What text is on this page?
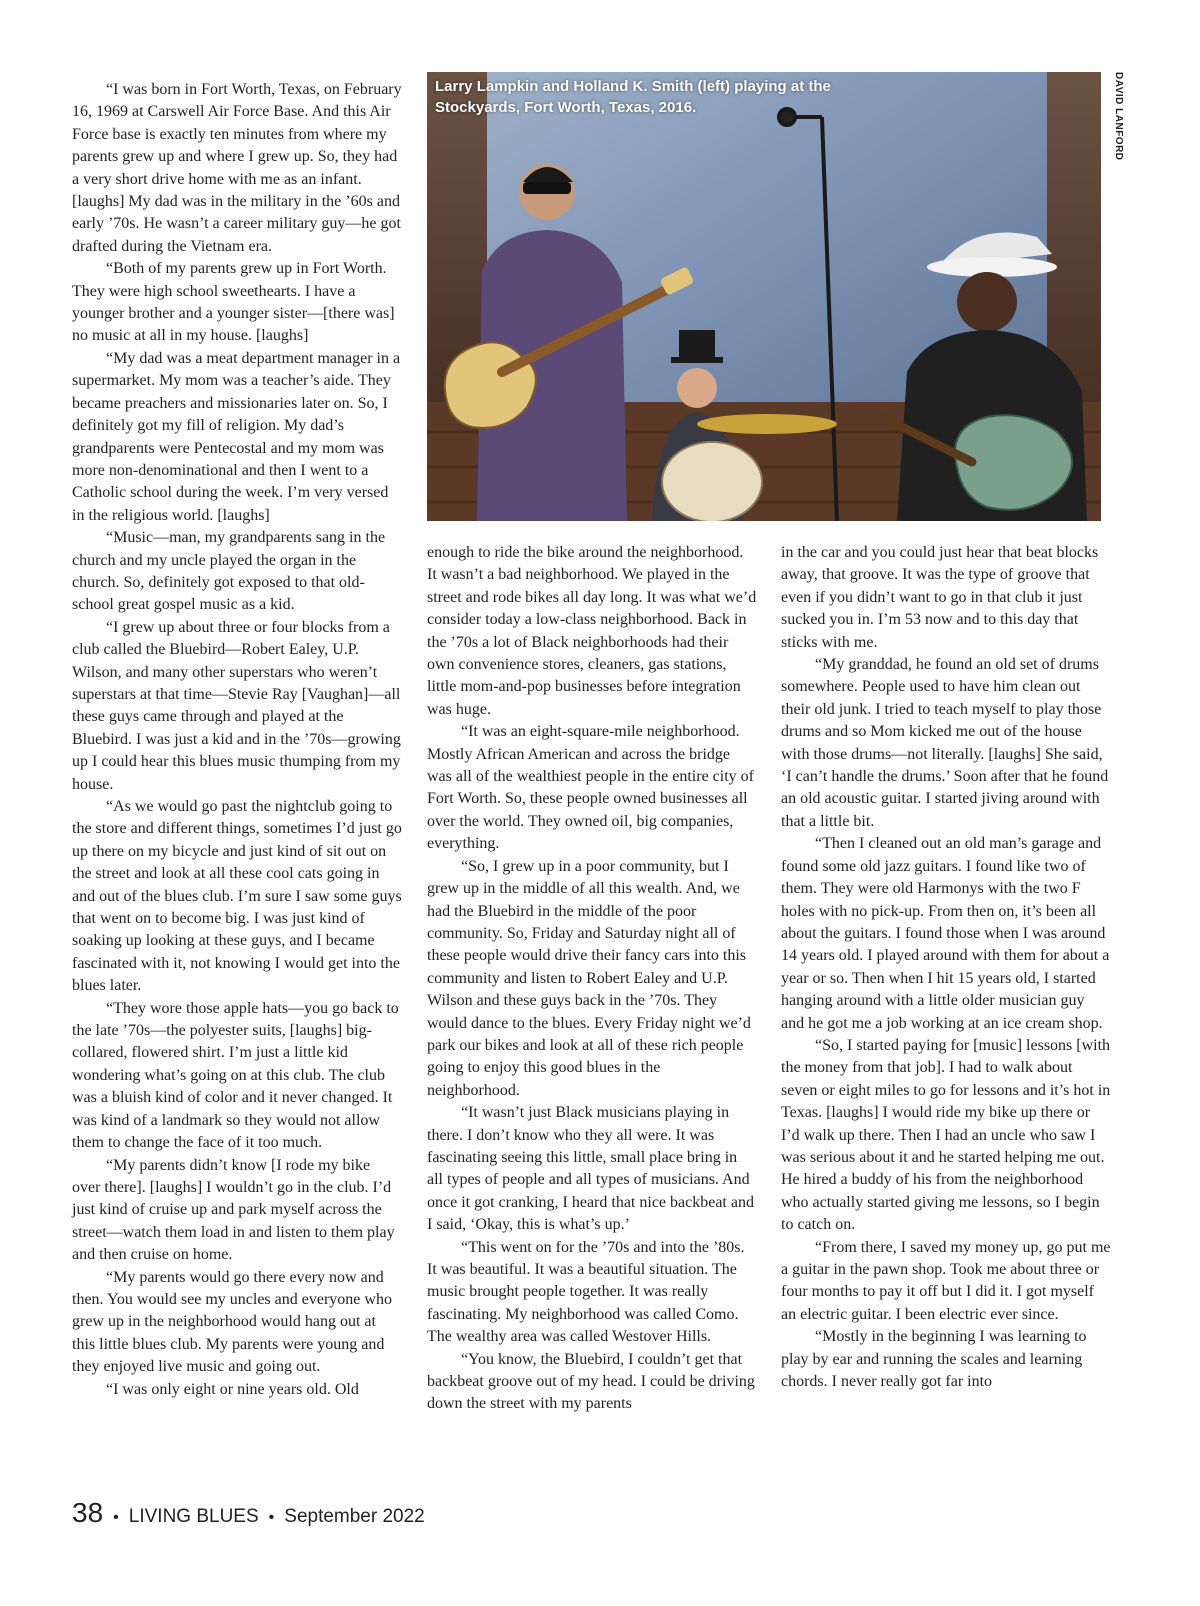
“I was born in Fort Worth, Texas, on February 16, 1969 at Carswell Air Force Base. And this Air Force base is exactly ten minutes from where my parents grew up and where I grew up. So, they had a very short drive home with me as an infant. [laughs] My dad was in the military in the ’60s and early ’70s. He wasn’t a career military guy—he got drafted during the Vietnam era.

“Both of my parents grew up in Fort Worth. They were high school sweethearts. I have a younger brother and a younger sister—[there was] no music at all in my house. [laughs]

“My dad was a meat department manager in a supermarket. My mom was a teacher’s aide. They became preachers and missionaries later on. So, I definitely got my fill of religion. My dad’s grandparents were Pentecostal and my mom was more non-denominational and then I went to a Catholic school during the week. I’m very versed in the religious world. [laughs]

“Music—man, my grandparents sang in the church and my uncle played the organ in the church. So, definitely got exposed to that old-school great gospel music as a kid.

“I grew up about three or four blocks from a club called the Bluebird—Robert Ealey, U.P. Wilson, and many other superstars who weren’t superstars at that time—Stevie Ray [Vaughan]—all these guys came through and played at the Bluebird. I was just a kid and in the ’70s—growing up I could hear this blues music thumping from my house.

“As we would go past the nightclub going to the store and different things, sometimes I’d just go up there on my bicycle and just kind of sit out on the street and look at all these cool cats going in and out of the blues club. I’m sure I saw some guys that went on to become big. I was just kind of soaking up looking at these guys, and I became fascinated with it, not knowing I would get into the blues later.

“They wore those apple hats—you go back to the late ’70s—the polyester suits, [laughs] big-collared, flowered shirt. I’m just a little kid wondering what’s going on at this club. The club was a bluish kind of color and it never changed. It was kind of a landmark so they would not allow them to change the face of it too much.

“My parents didn’t know [I rode my bike over there]. [laughs] I wouldn’t go in the club. I’d just kind of cruise up and park myself across the street—watch them load in and listen to them play and then cruise on home.

“My parents would go there every now and then. You would see my uncles and everyone who grew up in the neighborhood would hang out at this little blues club. My parents were young and they enjoyed live music and going out.

“I was only eight or nine years old. Old

Larry Lampkin and Holland K. Smith (left) playing at the Stockyards, Fort Worth, Texas, 2016.	DAVID LANFORD

enough to ride the bike around the neighborhood. It wasn’t a bad neighborhood. We played in the street and rode bikes all day long. It was what we’d consider today a low-class neighborhood. Back in the ’70s a lot of Black neighborhoods had their own convenience stores, cleaners, gas stations, little mom-and-pop businesses before integration was huge.

“It was an eight-square-mile neighborhood. Mostly African American and across the bridge was all of the wealthiest people in the entire city of Fort Worth. So, these people owned businesses all over the world. They owned oil, big companies, everything.

“So, I grew up in a poor community, but I grew up in the middle of all this wealth. And, we had the Bluebird in the middle of the poor community. So, Friday and Saturday night all of these people would drive their fancy cars into this community and listen to Robert Ealey and U.P. Wilson and these guys back in the ’70s. They would dance to the blues. Every Friday night we’d park our bikes and look at all of these rich people going to enjoy this good blues in the neighborhood.

“It wasn’t just Black musicians playing in there. I don’t know who they all were. It was fascinating seeing this little, small place bring in all types of people and all types of musicians. And once it got cranking, I heard that nice backbeat and I said, ‘Okay, this is what’s up.’

“This went on for the ’70s and into the ’80s. It was beautiful. It was a beautiful situation. The music brought people together. It was really fascinating. My neighborhood was called Como. The wealthy area was called Westover Hills.

“You know, the Bluebird, I couldn’t get that backbeat groove out of my head. I could be driving down the street with my parents

in the car and you could just hear that beat blocks away, that groove. It was the type of groove that even if you didn’t want to go in that club it just sucked you in. I’m 53 now and to this day that sticks with me.

“My granddad, he found an old set of drums somewhere. People used to have him clean out their old junk. I tried to teach myself to play those drums and so Mom kicked me out of the house with those drums—not literally. [laughs] She said, ‘I can’t handle the drums.’ Soon after that he found an old acoustic guitar. I started jiving around with that a little bit.

“Then I cleaned out an old man’s garage and found some old jazz guitars. I found like two of them. They were old Harmonys with the two F holes with no pick-up. From then on, it’s been all about the guitars. I found those when I was around 14 years old. I played around with them for about a year or so. Then when I hit 15 years old, I started hanging around with a little older musician guy and he got me a job working at an ice cream shop.

“So, I started paying for [music] lessons [with the money from that job]. I had to walk about seven or eight miles to go for lessons and it’s hot in Texas. [laughs] I would ride my bike up there or I’d walk up there. Then I had an uncle who saw I was serious about it and he started helping me out. He hired a buddy of his from the neighborhood who actually started giving me lessons, so I begin to catch on.

“From there, I saved my money up, go put me a guitar in the pawn shop. Took me about three or four months to pay it off but I did it. I got myself an electric guitar. I been electric ever since.

“Mostly in the beginning I was learning to play by ear and running the scales and learning chords. I never really got far into

38 • LIVING BLUES • September 2022
